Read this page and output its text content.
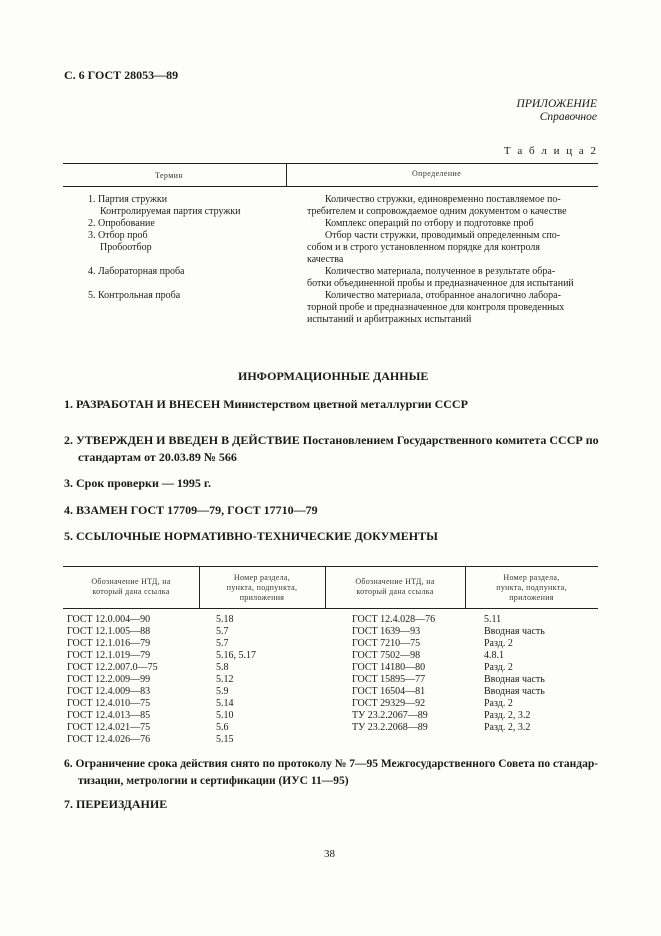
С. 6 ГОСТ 28053—89
ПРИЛОЖЕНИЕ
Справочное
Т а б л и ц а 2
Термин	Определение
1. Партия стружки
Контролируемая партия стружки
2. Опробование
3. Отбор проб
Пробоотбор
4. Лабораторная проба
5. Контрольная проба
Количество стружки, единовременно поставляемое по-
требителем и сопровождаемое одним документом о качестве
Комплекс операций по отбору и подготовке проб
Отбор части стружки, проводимый определенным спо-
собом и в строго установленном порядке для контроля
качества
Количество материала, полученное в результате обра-
ботки объединенной пробы и предназначенное для испытаний
Количество материала, отобранное аналогично лабора-
торной пробе и предназначенное для контроля проведенных
испытаний и арбитражных испытаний
ИНФОРМАЦИОННЫЕ ДАННЫЕ
1. РАЗРАБОТАН И ВНЕСЕН Министерством цветной металлургии СССР
2. УТВЕРЖДЕН И ВВЕДЕН В ДЕЙСТВИЕ Постановлением Государственного комитета СССР по
стандартам от 20.03.89 № 566
3. Срок проверки — 1995 г.
4. ВЗАМЕН ГОСТ 17709—79, ГОСТ 17710—79
5. ССЫЛОЧНЫЕ НОРМАТИВНО-ТЕХНИЧЕСКИЕ ДОКУМЕНТЫ
Обозначение НТД, на
который дана ссылка
Номер раздела,
пункта, подпункта,
приложения
Обозначение НТД, на
который дана ссылка
Номер раздела,
пункта, подпункта,
приложения
ГОСТ 12.0.004—90
ГОСТ 12.1.005—88
ГОСТ 12.1.016—79
ГОСТ 12.1.019—79
ГОСТ 12.2.007.0—75
ГОСТ 12.2.009—99
ГОСТ 12.4.009—83
ГОСТ 12.4.010—75
ГОСТ 12.4.013—85
ГОСТ 12.4.021—75
ГОСТ 12.4.026—76
5.18
5.7
5.7
5.16, 5.17
5.8
5.12
5.9
5.14
5.10
5.6
5.15
ГОСТ 12.4.028—76
ГОСТ 1639—93
ГОСТ 7210—75
ГОСТ 7502—98
ГОСТ 14180—80
ГОСТ 15895—77
ГОСТ 16504—81
ГОСТ 29329—92
ТУ 23.2.2067—89
ТУ 23.2.2068—89
5.11
Вводная часть
Разд. 2
4.8.1
Разд. 2
Вводная часть
Вводная часть
Разд. 2
Разд. 2, 3.2
Разд. 2, 3.2
6. Ограничение срока действия снято по протоколу № 7—95 Межгосударственного Совета по стандар-
тизации, метрологии и сертификации (ИУС 11—95)
7. ПЕРЕИЗДАНИЕ
38
